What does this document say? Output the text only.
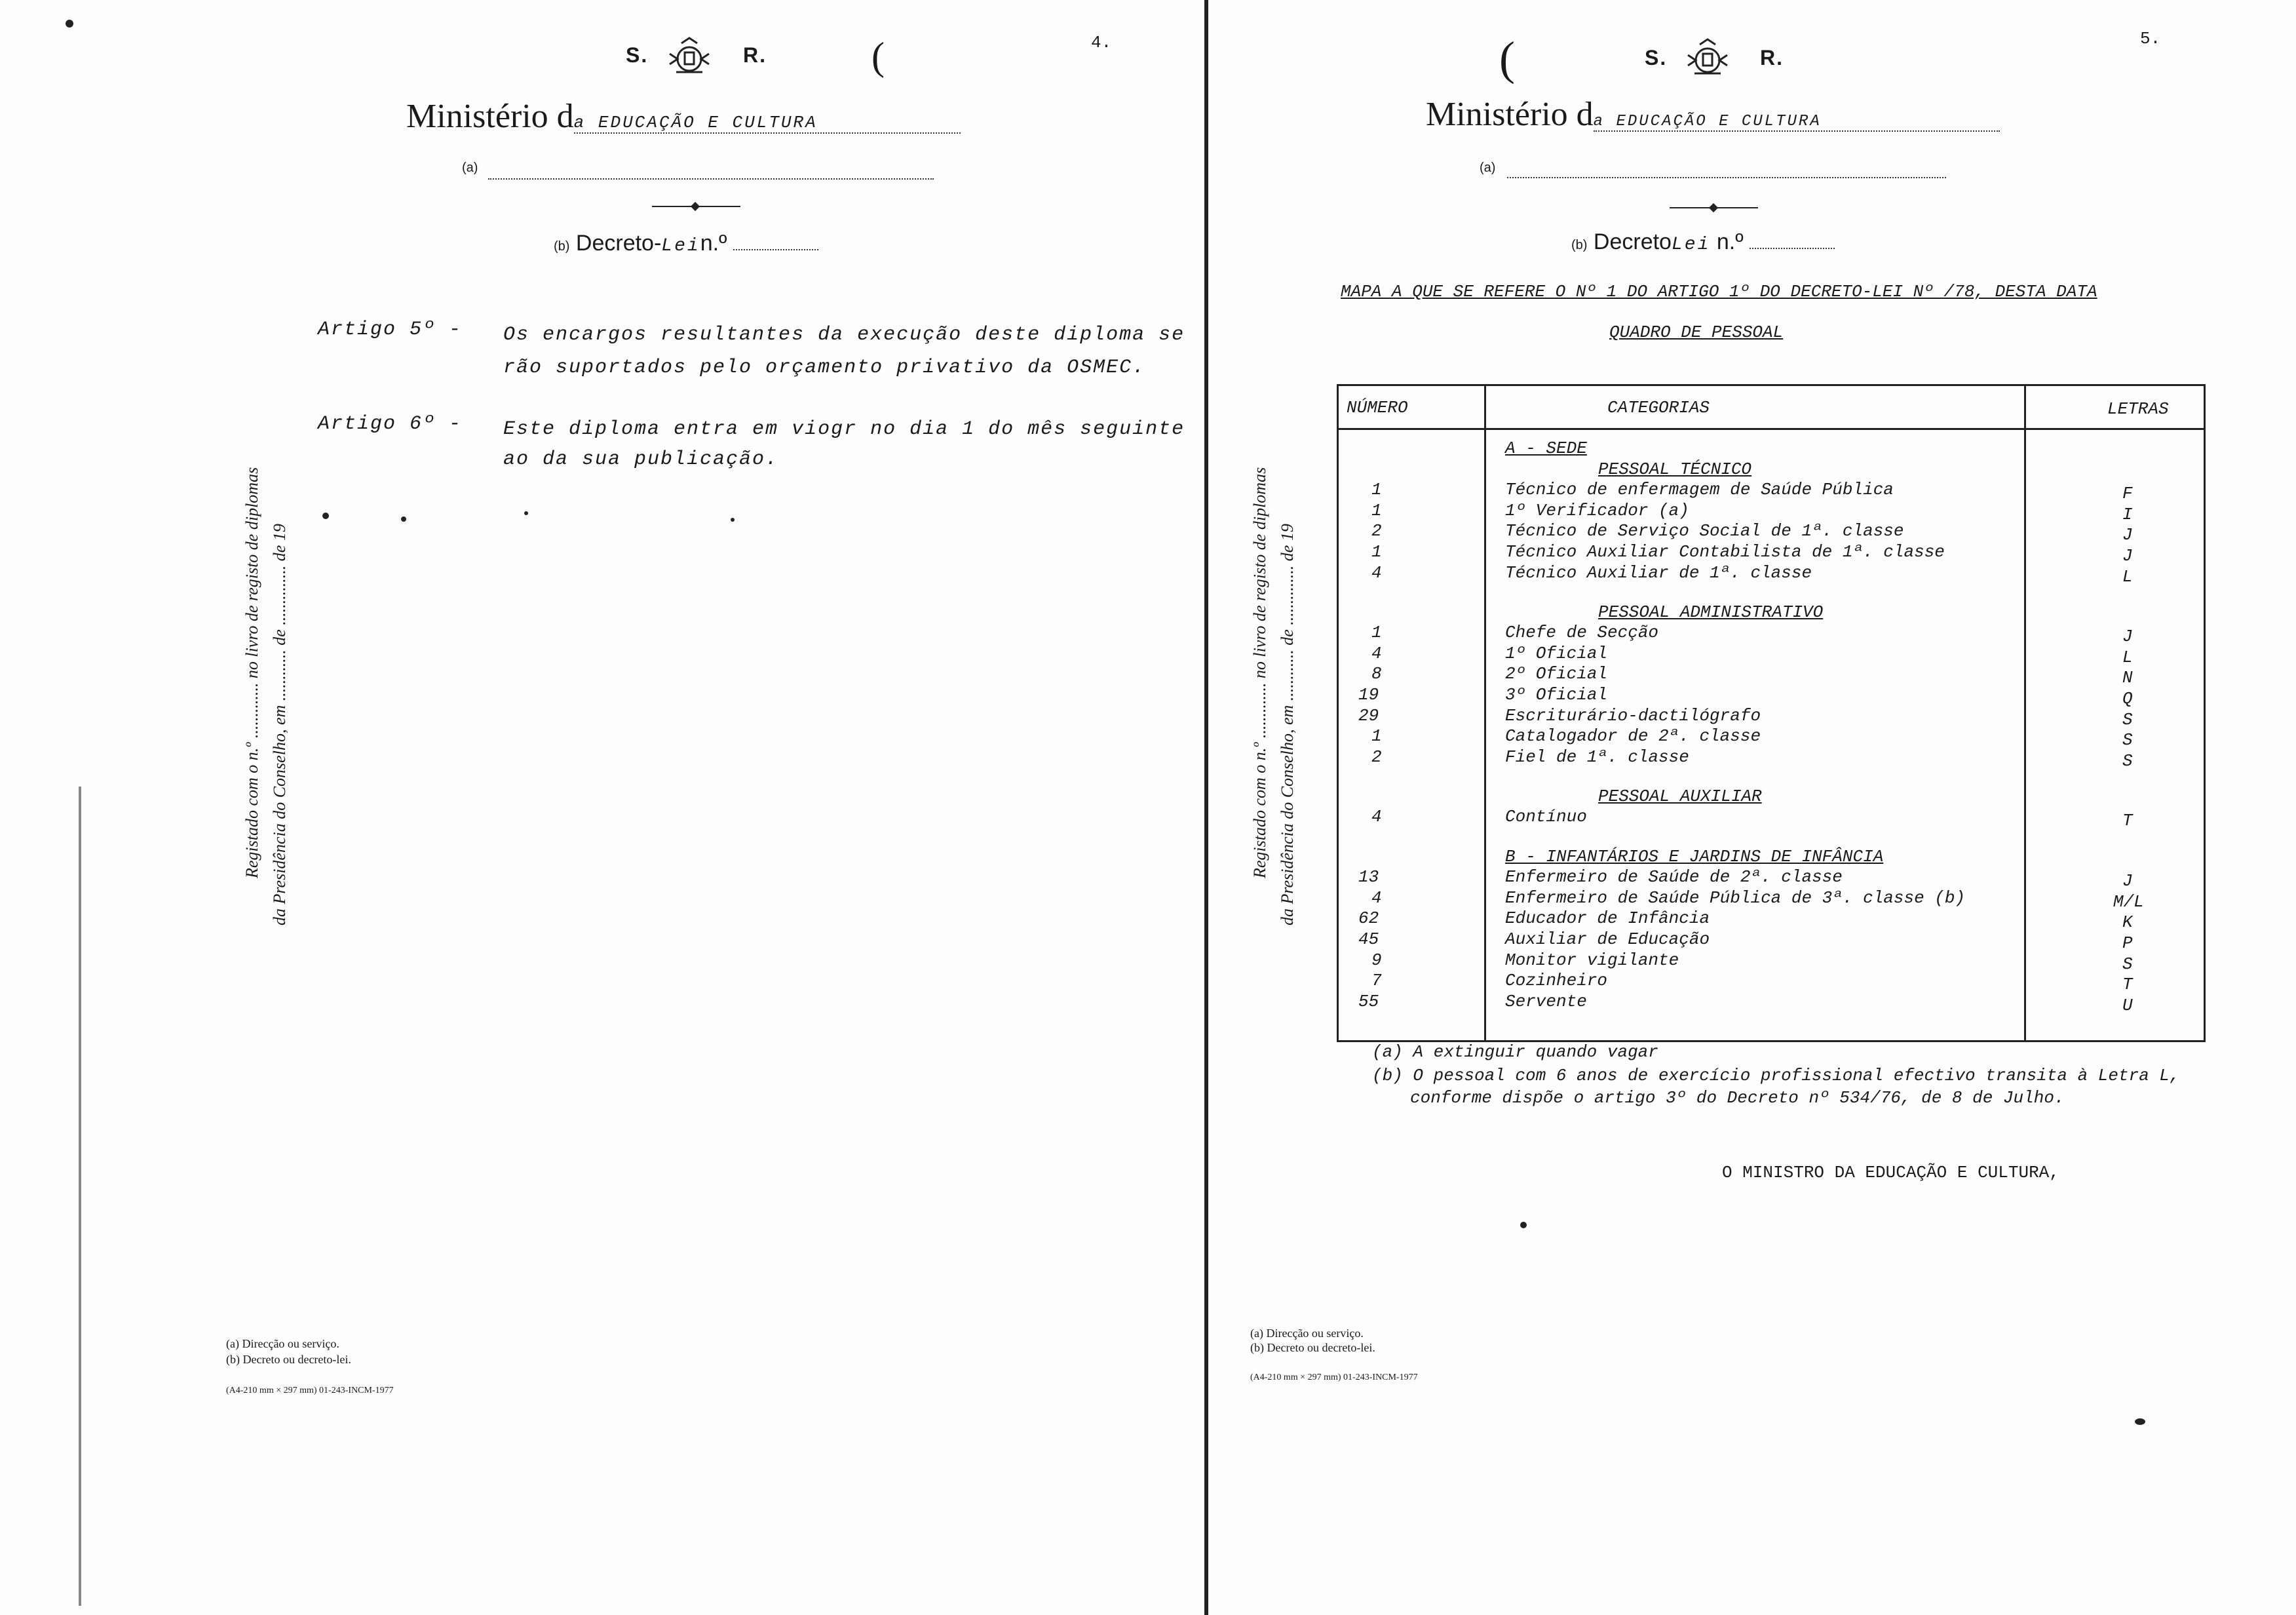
S.	R.	(	4.
Ministério da EDUCAÇÃO E CULTURA
(a)
(b) Decreto-Lein.º
Registado com o n.º ............. no livro de registo de diplomas da Presidência do Conselho, em ............ de .............. de 19
Artigo 5º - Os encargos resultantes da execução deste diploma se
rão suportados pelo orçamento privativo da OSMEC.
Artigo 6º - Este diploma entra em viogr no dia 1 do mês seguinte
ao da sua publicação.
(a) Direcção ou serviço.
(b) Decreto ou decreto-lei.
(A4-210 mm × 297 mm) 01-243-INCM-1977
(	S.	R.
5.
Ministério da EDUCAÇÃO E CULTURA
(a)
(b) DecretoLei n.º
MAPA A QUE SE REFERE O Nº 1 DO ARTIGO 1º DO DECRETO-LEI Nº /78, DESTA DATA
QUADRO DE PESSOAL
Registado com o n.º ............. no livro de registo de diplomas da Presidência do Conselho, em ............ de .............. de 19
(a) A extinguir quando vagar
(b) O pessoal com 6 anos de exercício profissional efectivo transita à Letra L,
conforme dispõe o artigo 3º do Decreto nº 534/76, de 8 de Julho.
O MINISTRO DA EDUCAÇÃO E CULTURA,
(a) Direcção ou serviço.
(b) Decreto ou decreto-lei.
(A4-210 mm × 297 mm) 01-243-INCM-1977
NÚMERO	CATEGORIAS	LETRAS
A - SEDE
PESSOAL TÉCNICO
1	Técnico de enfermagem de Saúde Pública	F
1	1º Verificador (a)	I
2	Técnico de Serviço Social de 1ª. classe	J
1	Técnico Auxiliar Contabilista de 1ª. classe	J
4	Técnico Auxiliar de 1ª. classe	L
PESSOAL ADMINISTRATIVO
1	Chefe de Secção	J
4	1º Oficial	L
8	2º Oficial	N
19	3º Oficial	Q
29	Escriturário-dactilógrafo	S
1	Catalogador de 2ª. classe	S
2	Fiel de 1ª. classe	S
PESSOAL AUXILIAR
4	Contínuo	T
B - INFANTÁRIOS E JARDINS DE INFÂNCIA
13	Enfermeiro de Saúde de 2ª. classe	J
4	Enfermeiro de Saúde Pública de 3ª. classe (b)	M/L
62	Educador de Infância	K
45	Auxiliar de Educação	P
9	Monitor vigilante	S
7	Cozinheiro	T
55	Servente	U
